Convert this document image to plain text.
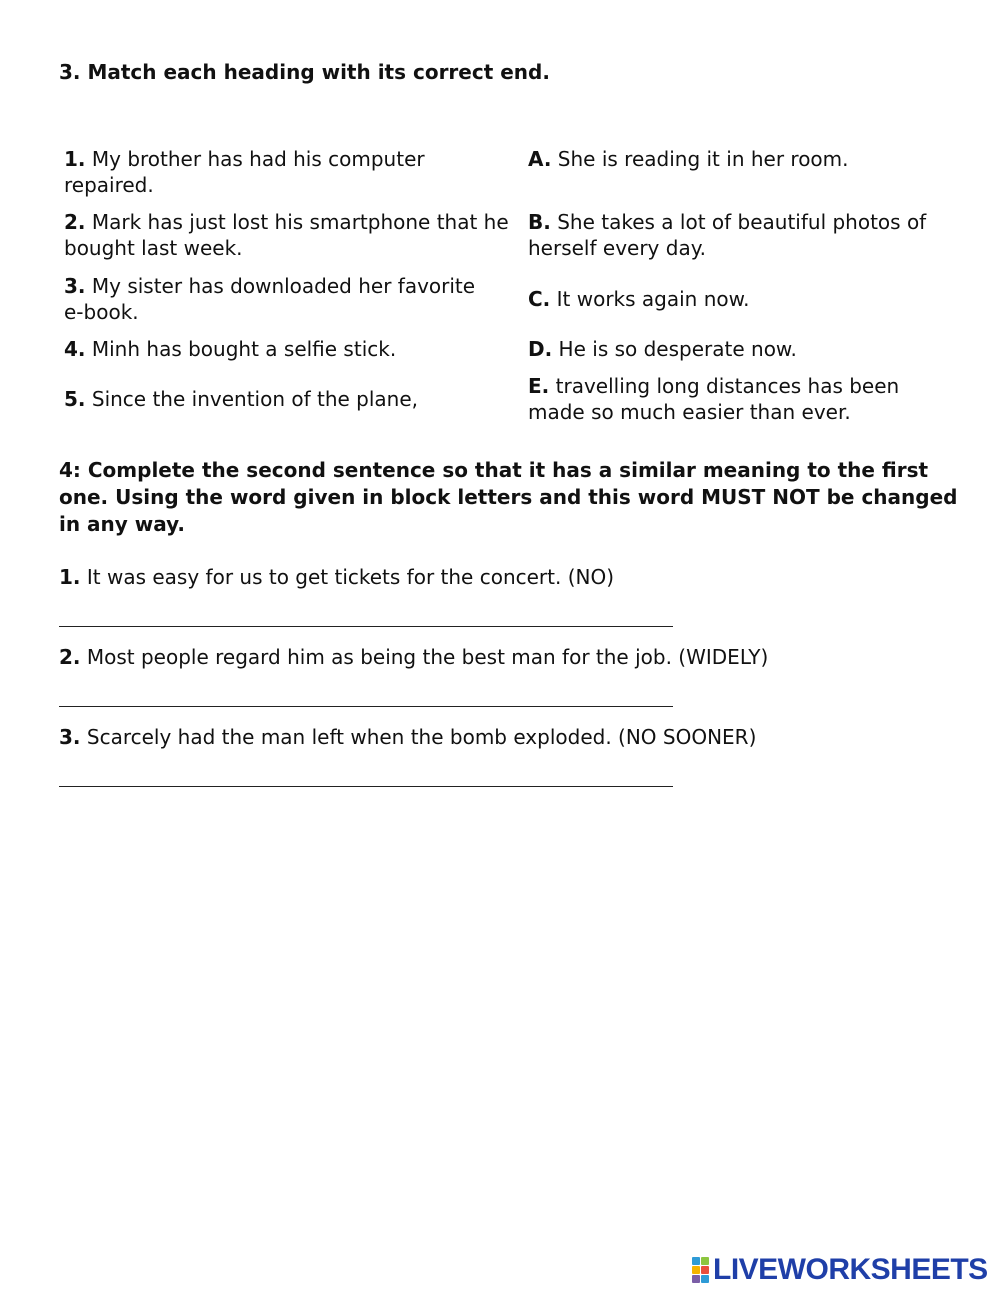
3. Match each heading with its correct end.
1. My brother has had his computer repaired.
2. Mark has just lost his smartphone that he bought last week.
3. My sister has downloaded her favorite e-book.
4. Minh has bought a selfie stick.
5. Since the invention of the plane,
A. She is reading it in her room.
B. She takes a lot of beautiful photos of herself every day.
C. It works again now.
D. He is so desperate now.
E. travelling long distances has been made so much easier than ever.
4: Complete the second sentence so that it has a similar meaning to the first one. Using the word given in block letters and this word MUST NOT be changed in any way.
1. It was easy for us to get tickets for the concert. (NO)
2. Most people regard him as being the best man for the job. (WIDELY)
3. Scarcely had the man left when the bomb exploded. (NO SOONER)
LIVEWORKSHEETS
